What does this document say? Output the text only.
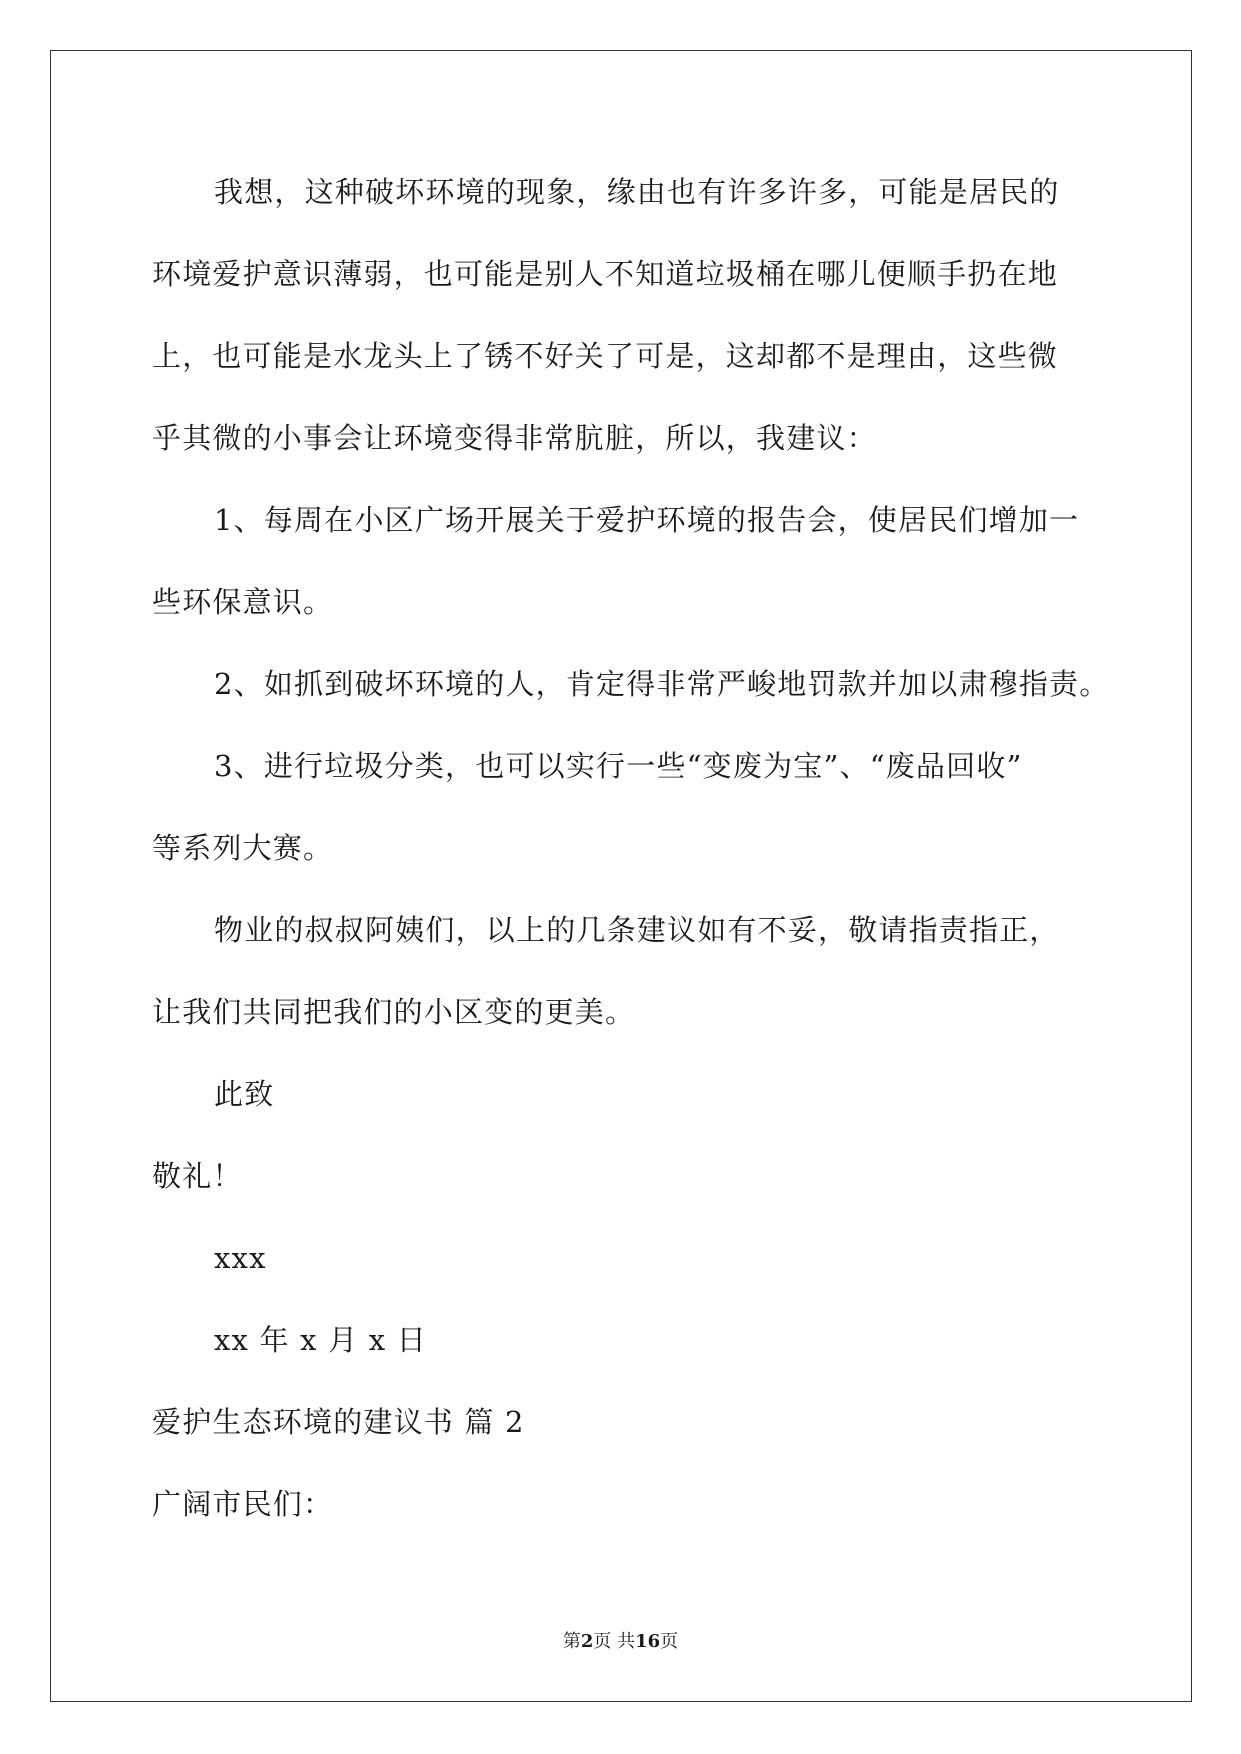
我想，这种破坏环境的现象，缘由也有许多许多，可能是居民的
环境爱护意识薄弱，也可能是别人不知道垃圾桶在哪儿便顺手扔在地
上，也可能是水龙头上了锈不好关了可是，这却都不是理由，这些微
乎其微的小事会让环境变得非常肮脏，所以，我建议：
1、每周在小区广场开展关于爱护环境的报告会，使居民们增加一
些环保意识。
2、如抓到破坏环境的人，肯定得非常严峻地罚款并加以肃穆指责。
3、进行垃圾分类，也可以实行一些“变废为宝”、“废品回收”
等系列大赛。
物业的叔叔阿姨们，以上的几条建议如有不妥，敬请指责指正，
让我们共同把我们的小区变的更美。
此致
敬礼！
xxx
xx 年 x 月 x 日
爱护生态环境的建议书 篇 2
广阔市民们：
第2页 共16页
